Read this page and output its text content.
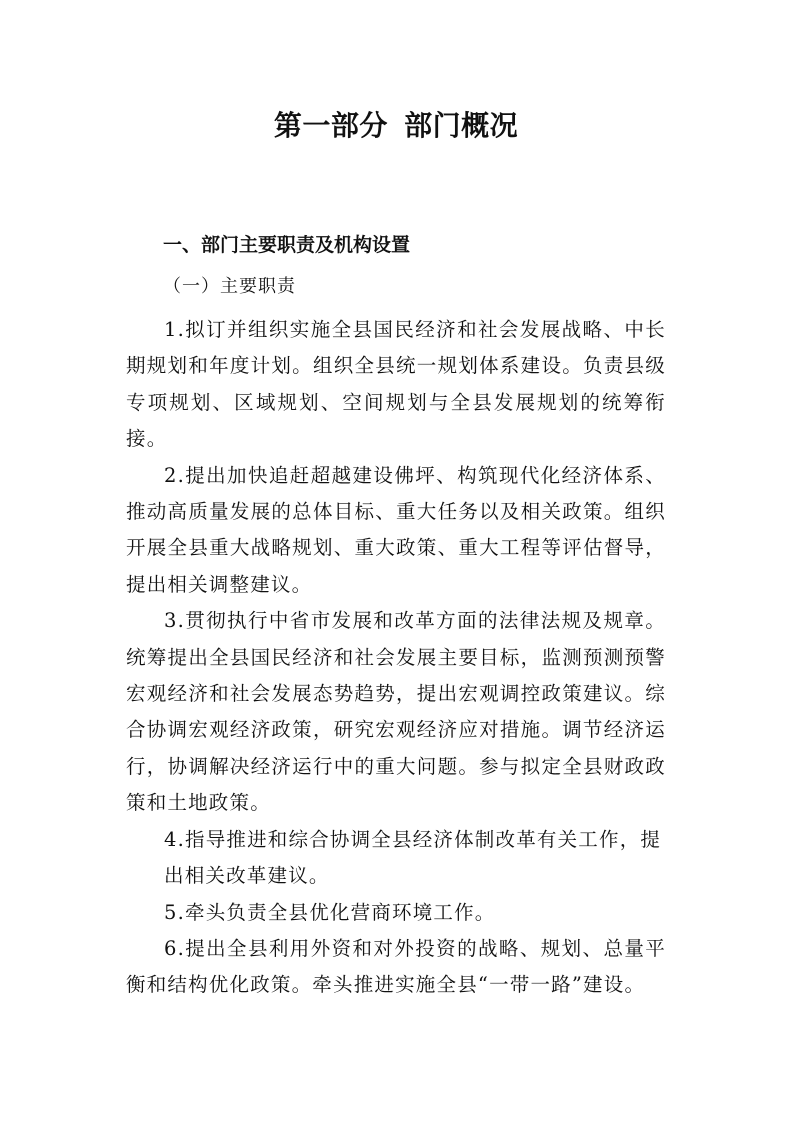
第一部分 部门概况
一、部门主要职责及机构设置
（一）主要职责

1.拟订并组织实施全县国民经济和社会发展战略、中长期规划和年度计划。组织全县统一规划体系建设。负责县级专项规划、区域规划、空间规划与全县发展规划的统筹衔接。

2.提出加快追赶超越建设佛坪、构筑现代化经济体系、推动高质量发展的总体目标、重大任务以及相关政策。组织开展全县重大战略规划、重大政策、重大工程等评估督导，提出相关调整建议。

3.贯彻执行中省市发展和改革方面的法律法规及规章。统筹提出全县国民经济和社会发展主要目标，监测预测预警宏观经济和社会发展态势趋势，提出宏观调控政策建议。综合协调宏观经济政策，研究宏观经济应对措施。调节经济运行，协调解决经济运行中的重大问题。参与拟定全县财政政策和土地政策。

4.指导推进和综合协调全县经济体制改革有关工作，提
出相关改革建议。

5.牵头负责全县优化营商环境工作。

6.提出全县利用外资和对外投资的战略、规划、总量平衡和结构优化政策。牵头推进实施全县“一带一路”建设。
